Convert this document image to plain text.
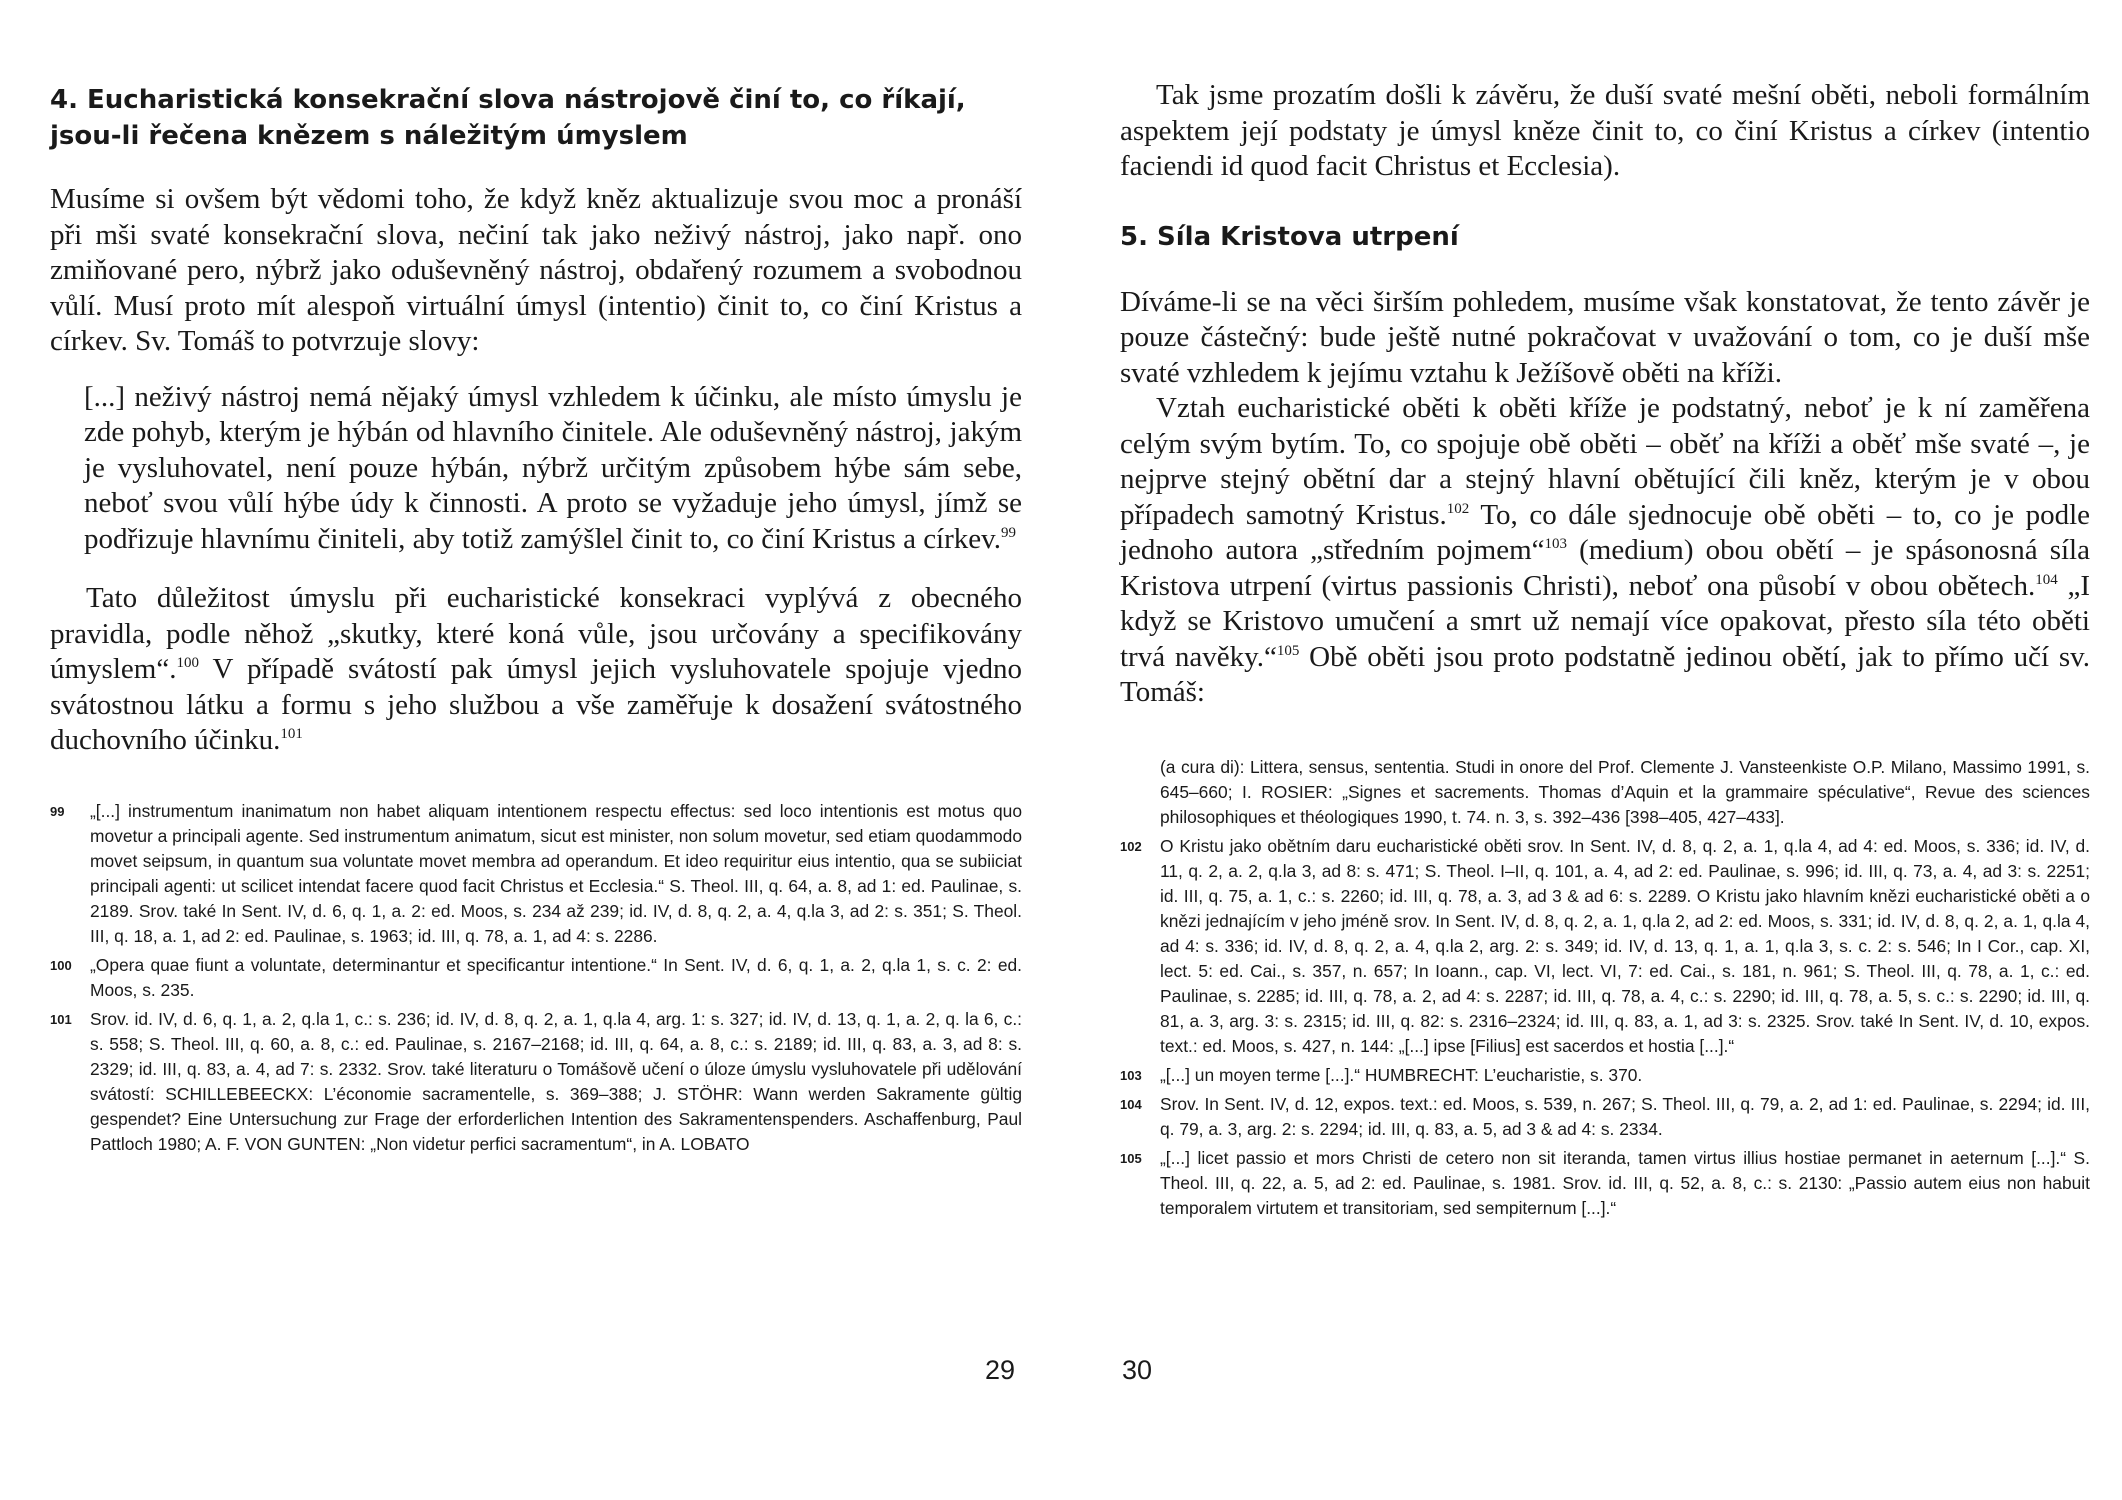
4. Eucharistická konsekrační slova nástrojově činí to, co říkají,
jsou-li řečena knězem s náležitým úmyslem

Musíme si ovšem být vědomi toho, že když kněz aktualizuje svou moc a pronáší při mši svaté konsekrační slova, nečiní tak jako neživý nástroj, jako např. ono zmiňované pero, nýbrž jako oduševněný nástroj, obdařený rozumem a svobodnou vůlí. Musí proto mít alespoň virtuální úmysl (intentio) činit to, co činí Kristus a církev. Sv. Tomáš to potvrzuje slovy:

[...] neživý nástroj nemá nějaký úmysl vzhledem k účinku, ale místo úmyslu je zde pohyb, kterým je hýbán od hlavního činitele. Ale oduševněný nástroj, jakým je vysluhovatel, není pouze hýbán, nýbrž určitým způsobem hýbe sám sebe, neboť svou vůlí hýbe údy k činnosti. A proto se vyžaduje jeho úmysl, jímž se podřizuje hlavnímu činiteli, aby totiž zamýšlel činit to, co činí Kristus a církev.$^{99}$

Tato důležitost úmyslu při eucharistické konsekraci vyplývá z obecného pravidla, podle něhož „skutky, které koná vůle, jsou určovány a specifikovány úmyslem“.$^{100}$ V případě svátostí pak úmysl jejich vysluhovatele spojuje vjedno svátostnou látku a formu s jeho službou a vše zaměřuje k dosažení svátostného duchovního účinku.$^{101}$

99 „[...] instrumentum inanimatum non habet aliquam intentionem respectu effectus: sed loco intentionis est motus quo movetur a principali agente. Sed instrumentum animatum, sicut est minister, non solum movetur, sed etiam quodammodo movet seipsum, in quantum sua voluntate movet membra ad operandum. Et ideo requiritur eius intentio, qua se subiiciat principali agenti: ut scilicet intendat facere quod facit Christus et Ecclesia.“ S. Theol. III, q. 64, a. 8, ad 1: ed. Paulinae, s. 2189. Srov. také In Sent. IV, d. 6, q. 1, a. 2: ed. Moos, s. 234 až 239; id. IV, d. 8, q. 2, a. 4, q.la 3, ad 2: s. 351; S. Theol. III, q. 18, a. 1, ad 2: ed. Paulinae, s. 1963; id. III, q. 78, a. 1, ad 4: s. 2286.
100 „Opera quae fiunt a voluntate, determinantur et specificantur intentione.“ In Sent. IV, d. 6, q. 1, a. 2, q.la 1, s. c. 2: ed. Moos, s. 235.
101 Srov. id. IV, d. 6, q. 1, a. 2, q.la 1, c.: s. 236; id. IV, d. 8, q. 2, a. 1, q.la 4, arg. 1: s. 327; id. IV, d. 13, q. 1, a. 2, q. la 6, c.: s. 558; S. Theol. III, q. 60, a. 8, c.: ed. Paulinae, s. 2167–2168; id. III, q. 64, a. 8, c.: s. 2189; id. III, q. 83, a. 3, ad 8: s. 2329; id. III, q. 83, a. 4, ad 7: s. 2332. Srov. také literaturu o Tomášově učení o úloze úmyslu vysluhovatele při udělování svátostí: SCHILLEBEECKX: L’économie sacramentelle, s. 369–388; J. STÖHR: Wann werden Sakramente gültig gespendet? Eine Untersuchung zur Frage der erforderlichen Intention des Sakramentenspenders. Aschaffenburg, Paul Pattloch 1980; A. F. VON GUNTEN: „Non videtur perfici sacramentum“, in A. LOBATO
29

Tak jsme prozatím došli k závěru, že duší svaté mešní oběti, neboli formálním aspektem její podstaty je úmysl kněze činit to, co činí Kristus a církev (intentio faciendi id quod facit Christus et Ecclesia).

5. Síla Kristova utrpení

Díváme-li se na věci širším pohledem, musíme však konstatovat, že tento závěr je pouze částečný: bude ještě nutné pokračovat v uvažování o tom, co je duší mše svaté vzhledem k jejímu vztahu k Ježíšově oběti na kříži.

Vztah eucharistické oběti k oběti kříže je podstatný, neboť je k ní zaměřena celým svým bytím. To, co spojuje obě oběti – oběť na kříži a oběť mše svaté –, je nejprve stejný obětní dar a stejný hlavní obětující čili kněz, kterým je v obou případech samotný Kristus.$^{102}$ To, co dále sjednocuje obě oběti – to, co je podle jednoho autora „středním pojmem“$^{103}$ (medium) obou obětí – je spásonosná síla Kristova utrpení (virtus passionis Christi), neboť ona působí v obou obětech.$^{104}$ „I když se Kristovo umučení a smrt už nemají více opakovat, přesto síla této oběti trvá navěky.“$^{105}$ Obě oběti jsou proto podstatně jedinou obětí, jak to přímo učí sv. Tomáš:

(a cura di): Littera, sensus, sententia. Studi in onore del Prof. Clemente J. Vansteenkiste O.P. Milano, Massimo 1991, s. 645–660; I. ROSIER: „Signes et sacrements. Thomas d’Aquin et la grammaire spéculative“, Revue des sciences philosophiques et théologiques 1990, t. 74. n. 3, s. 392–436 [398–405, 427–433].
102 O Kristu jako obětním daru eucharistické oběti srov. In Sent. IV, d. 8, q. 2, a. 1, q.la 4, ad 4: ed. Moos, s. 336; id. IV, d. 11, q. 2, a. 2, q.la 3, ad 8: s. 471; S. Theol. I–II, q. 101, a. 4, ad 2: ed. Paulinae, s. 996; id. III, q. 73, a. 4, ad 3: s. 2251; id. III, q. 75, a. 1, c.: s. 2260; id. III, q. 78, a. 3, ad 3 & ad 6: s. 2289. O Kristu jako hlavním knězi eucharistické oběti a o knězi jednajícím v jeho jméně srov. In Sent. IV, d. 8, q. 2, a. 1, q.la 2, ad 2: ed. Moos, s. 331; id. IV, d. 8, q. 2, a. 1, q.la 4, ad 4: s. 336; id. IV, d. 8, q. 2, a. 4, q.la 2, arg. 2: s. 349; id. IV, d. 13, q. 1, a. 1, q.la 3, s. c. 2: s. 546; In I Cor., cap. XI, lect. 5: ed. Cai., s. 357, n. 657; In Ioann., cap. VI, lect. VI, 7: ed. Cai., s. 181, n. 961; S. Theol. III, q. 78, a. 1, c.: ed. Paulinae, s. 2285; id. III, q. 78, a. 2, ad 4: s. 2287; id. III, q. 78, a. 4, c.: s. 2290; id. III, q. 78, a. 5, s. c.: s. 2290; id. III, q. 81, a. 3, arg. 3: s. 2315; id. III, q. 82: s. 2316–2324; id. III, q. 83, a. 1, ad 3: s. 2325. Srov. také In Sent. IV, d. 10, expos. text.: ed. Moos, s. 427, n. 144: „[...] ipse [Filius] est sacerdos et hostia [...].“
103 „[...] un moyen terme [...].“ HUMBRECHT: L’eucharistie, s. 370.
104 Srov. In Sent. IV, d. 12, expos. text.: ed. Moos, s. 539, n. 267; S. Theol. III, q. 79, a. 2, ad 1: ed. Paulinae, s. 2294; id. III, q. 79, a. 3, arg. 2: s. 2294; id. III, q. 83, a. 5, ad 3 & ad 4: s. 2334.
105 „[...] licet passio et mors Christi de cetero non sit iteranda, tamen virtus illius hostiae permanet in aeternum [...].“ S. Theol. III, q. 22, a. 5, ad 2: ed. Paulinae, s. 1981. Srov. id. III, q. 52, a. 8, c.: s. 2130: „Passio autem eius non habuit temporalem virtutem et transitoriam, sed sempiternum [...].“
30
